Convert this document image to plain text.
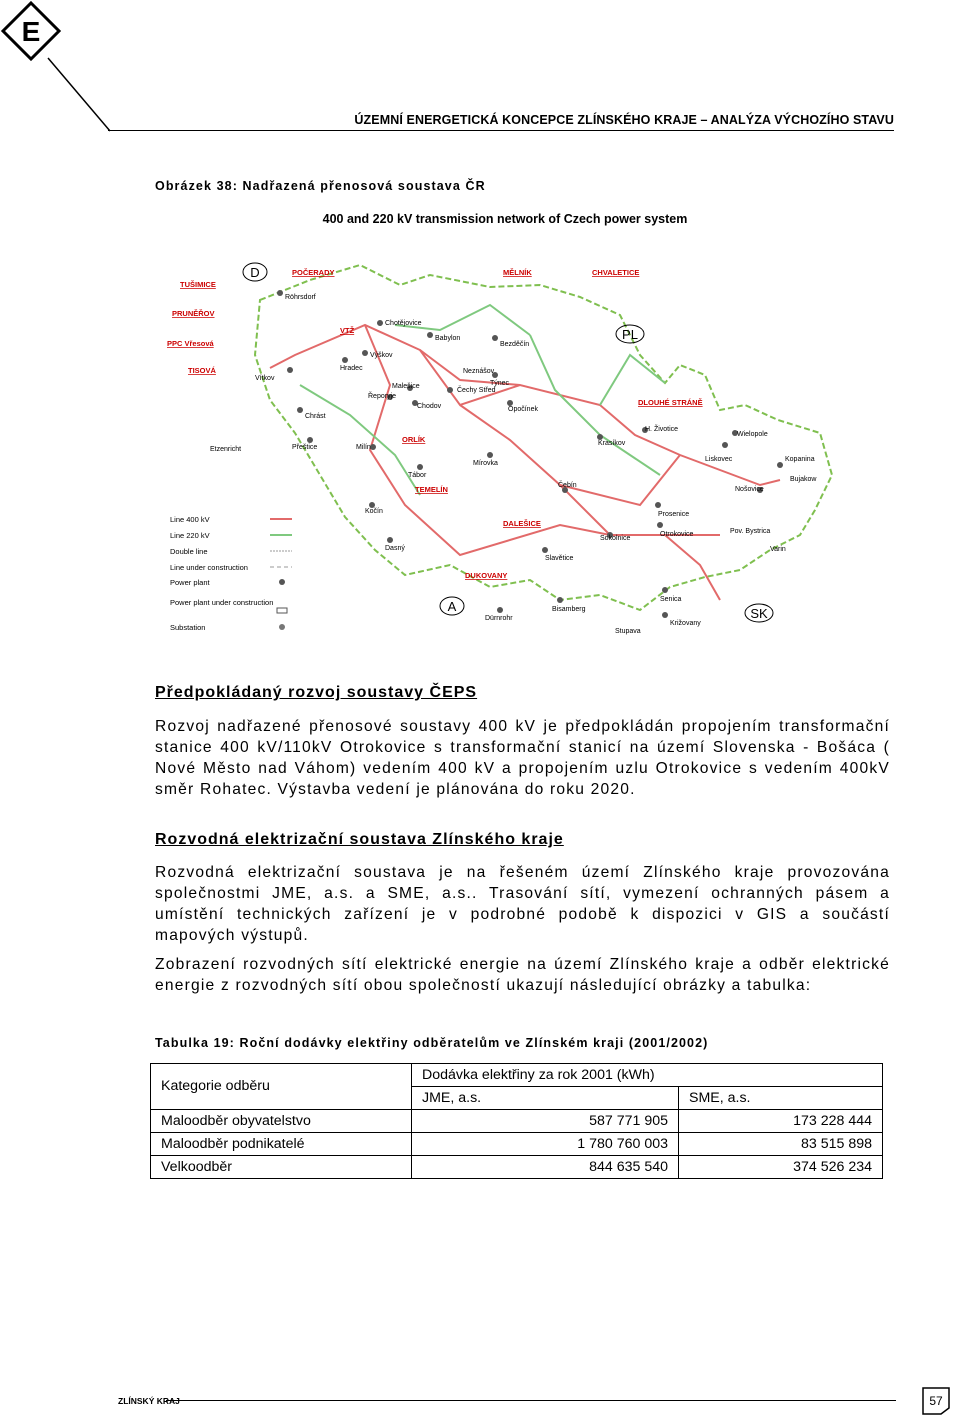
E
ÚZEMNÍ ENERGETICKÁ KONCEPCE ZLÍNSKÉHO KRAJE – ANALÝZA VÝCHOZÍHO STAVU
Obrázek 38: Nadřazená přenosová soustava ČR
400 and 220 kV transmission network of Czech power system
D
PL
A	SK
TUŠIMICE
POČERADY	MĚLNÍK	CHVALETICE
PRUNĚŘOV
PPC Vřesová
TISOVÁ
VTŽ
ORLÍK
TEMELÍN
DALEŠICE
DUKOVANY
DLOUHÉ STRÁNĚ
Röhrsdorf
Chotějovice
Babylon
Bezděčín
Výškov
Hradec
Vítkov
Neznášov
Týnec
Malešice
Čechy Střed
Řeporyje
Chodov	Opočínek
H. Životice
Wielopole
Krasíkov
Etzenricht
Chrást
Přeštice	Milín
Mírovka
Liskovec	Kopanina
Bujakow
Nošovice
Tábor
Čebín
Kočín	Prosenice
Otrokovice	Pov. Bystrica
Varin
Dasný
Sokolnice
Slavětice
Dürnrohr
Bisamberg
Senica
Stupava
Križovany
Line 400 kV
Line 220 kV
Double line
Line under construction
Power plant
Power plant under construction
Substation
Předpokládaný rozvoj soustavy ČEPS

Rozvoj nadřazené přenosové soustavy 400 kV je předpokládán propojením transformační stanice 400 kV/110kV Otrokovice s transformační stanicí na území Slovenska - Bošáca ( Nové Město nad Váhom) vedením 400 kV a propojením uzlu Otrokovice s vedením 400kV směr Rohatec. Výstavba vedení je plánována do roku 2020.

Rozvodná elektrizační soustava Zlínského kraje

Rozvodná elektrizační soustava je na řešeném území Zlínského kraje provozována společnostmi JME, a.s. a SME, a.s.. Trasování sítí, vymezení ochranných pásem a umístění technických zařízení je v podrobné podobě k dispozici v GIS a součástí mapových výstupů.

Zobrazení rozvodných sítí elektrické energie na území Zlínského kraje a odběr elektrické energie z rozvodných sítí obou společností ukazují následující obrázky a tabulka:

Tabulka 19: Roční dodávky elektřiny odběratelům ve Zlínském kraji (2001/2002)
Kategorie odběru	Dodávka elektřiny za rok 2001 (kWh)	
	JME, a.s.	SME, a.s.
Maloodběr obyvatelstvo	587 771 905	173 228 444
Maloodběr podnikatelé	1 780 760 003	83 515 898
Velkoodběr	844 635 540	374 526 234
ZLÍNSKÝ KRAJ	57
